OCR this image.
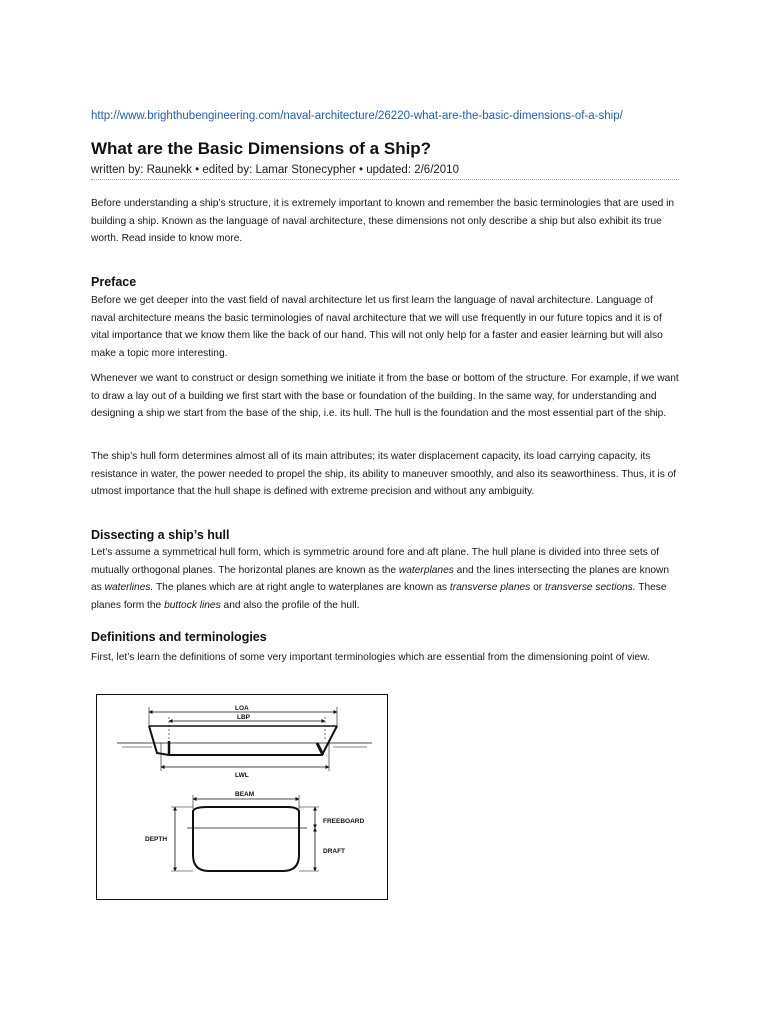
http://www.brighthubengineering.com/naval-architecture/26220-what-are-the-basic-dimensions-of-a-ship/
What are the Basic Dimensions of a Ship?
written by: Raunekk • edited by: Lamar Stonecypher • updated: 2/6/2010

Before understanding a ship’s structure, it is extremely important to known and remember the basic terminologies that are used in building a ship. Known as the language of naval architecture, these dimensions not only describe a ship but also exhibit its true worth. Read inside to know more.

Preface

Before we get deeper into the vast field of naval architecture let us first learn the language of naval architecture. Language of naval architecture means the basic terminologies of naval architecture that we will use frequently in our future topics and it is of vital importance that we know them like the back of our hand. This will not only help for a faster and easier learning but will also make a topic more interesting.

Whenever we want to construct or design something we initiate it from the base or bottom of the structure. For example, if we want to draw a lay out of a building we first start with the base or foundation of the building. In the same way, for understanding and designing a ship we start from the base of the ship, i.e. its hull. The hull is the foundation and the most essential part of the ship.

The ship’s hull form determines almost all of its main attributes; its water displacement capacity, its load carrying capacity, its resistance in water, the power needed to propel the ship, its ability to maneuver smoothly, and also its seaworthiness. Thus, it is of utmost importance that the hull shape is defined with extreme precision and without any ambiguity.

Dissecting a ship’s hull

Let’s assume a symmetrical hull form, which is symmetric around fore and aft plane. The hull plane is divided into three sets of mutually orthogonal planes. The horizontal planes are known as the waterplanes and the lines intersecting the planes are known as waterlines. The planes which are at right angle to waterplanes are known as transverse planes or transverse sections. These planes form the buttock lines and also the profile of the hull.

Definitions and terminologies

First, let’s learn the definitions of some very important terminologies which are essential from the dimensioning point of view.

LOA
LBP
LWL
BEAM
DEPTH
FREEBOARD
DRAFT
